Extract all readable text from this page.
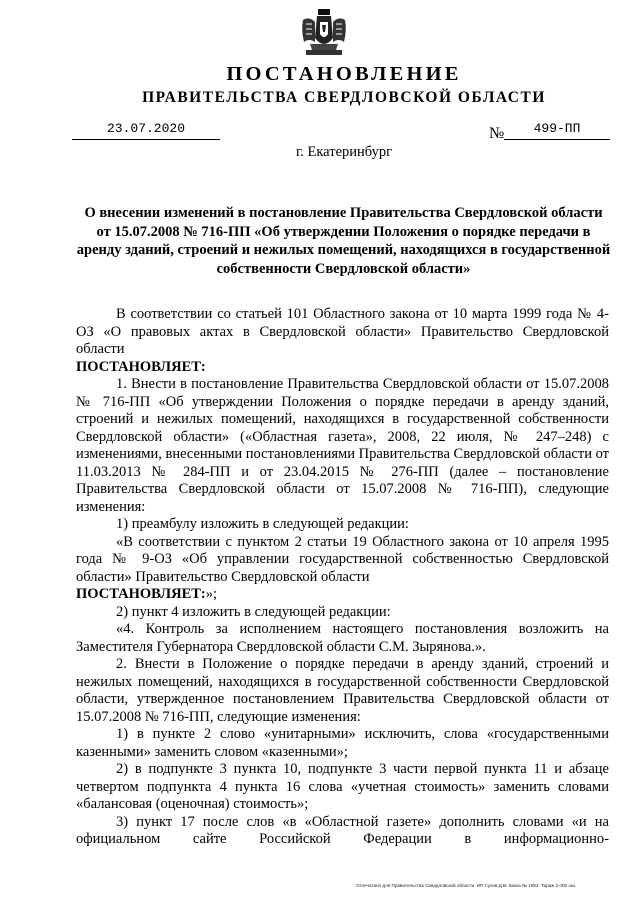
ПОСТАНОВЛЕНИЕ
ПРАВИТЕЛЬСТВА СВЕРДЛОВСКОЙ ОБЛАСТИ
23.07.2020	№	499-ПП
г. Екатеринбург
О внесении изменений в постановление Правительства Свердловской области от 15.07.2008 № 716-ПП «Об утверждении Положения о порядке передачи в аренду зданий, строений и нежилых помещений, находящихся в государственной собственности Свердловской области»

В соответствии со статьей 101 Областного закона от 10 марта 1999 года № 4-ОЗ «О правовых актах в Свердловской области» Правительство Свердловской области

ПОСТАНОВЛЯЕТ:

1. Внести в постановление Правительства Свердловской области от 15.07.2008 № 716-ПП «Об утверждении Положения о порядке передачи в аренду зданий, строений и нежилых помещений, находящихся в государственной собственности Свердловской области» («Областная газета», 2008, 22 июля, № 247–248) с изменениями, внесенными постановлениями Правительства Свердловской области от 11.03.2013 № 284-ПП и от 23.04.2015 № 276-ПП (далее – постановление Правительства Свердловской области от 15.07.2008 № 716-ПП), следующие изменения:

1) преамбулу изложить в следующей редакции:

«В соответствии с пунктом 2 статьи 19 Областного закона от 10 апреля 1995 года № 9-ОЗ «Об управлении государственной собственностью Свердловской области» Правительство Свердловской области

ПОСТАНОВЛЯЕТ:»;

2) пункт 4 изложить в следующей редакции:

«4. Контроль за исполнением настоящего постановления возложить на Заместителя Губернатора Свердловской области С.М. Зырянова.».

2. Внести в Положение о порядке передачи в аренду зданий, строений и нежилых помещений, находящихся в государственной собственности Свердловской области, утвержденное постановлением Правительства Свердловской области от 15.07.2008 № 716-ПП, следующие изменения:

1) в пункте 2 слово «унитарными» исключить, слова «государственными казенными» заменить словом «казенными»;

2) в подпункте 3 пункта 10, подпункте 3 части первой пункта 11 и абзаце четвертом подпункта 4 пункта 16 слова «учетная стоимость» заменить словами «балансовая (оценочная) стоимость»;

3) пункт 17 после слов «в «Областной газете» дополнить словами «и на официальном сайте Российской Федерации в информационно-

Отпечатано для Правительства Свердловской области. ИП Сухов Д.В. Заказ № 1983. Тираж 2 000 экз.
